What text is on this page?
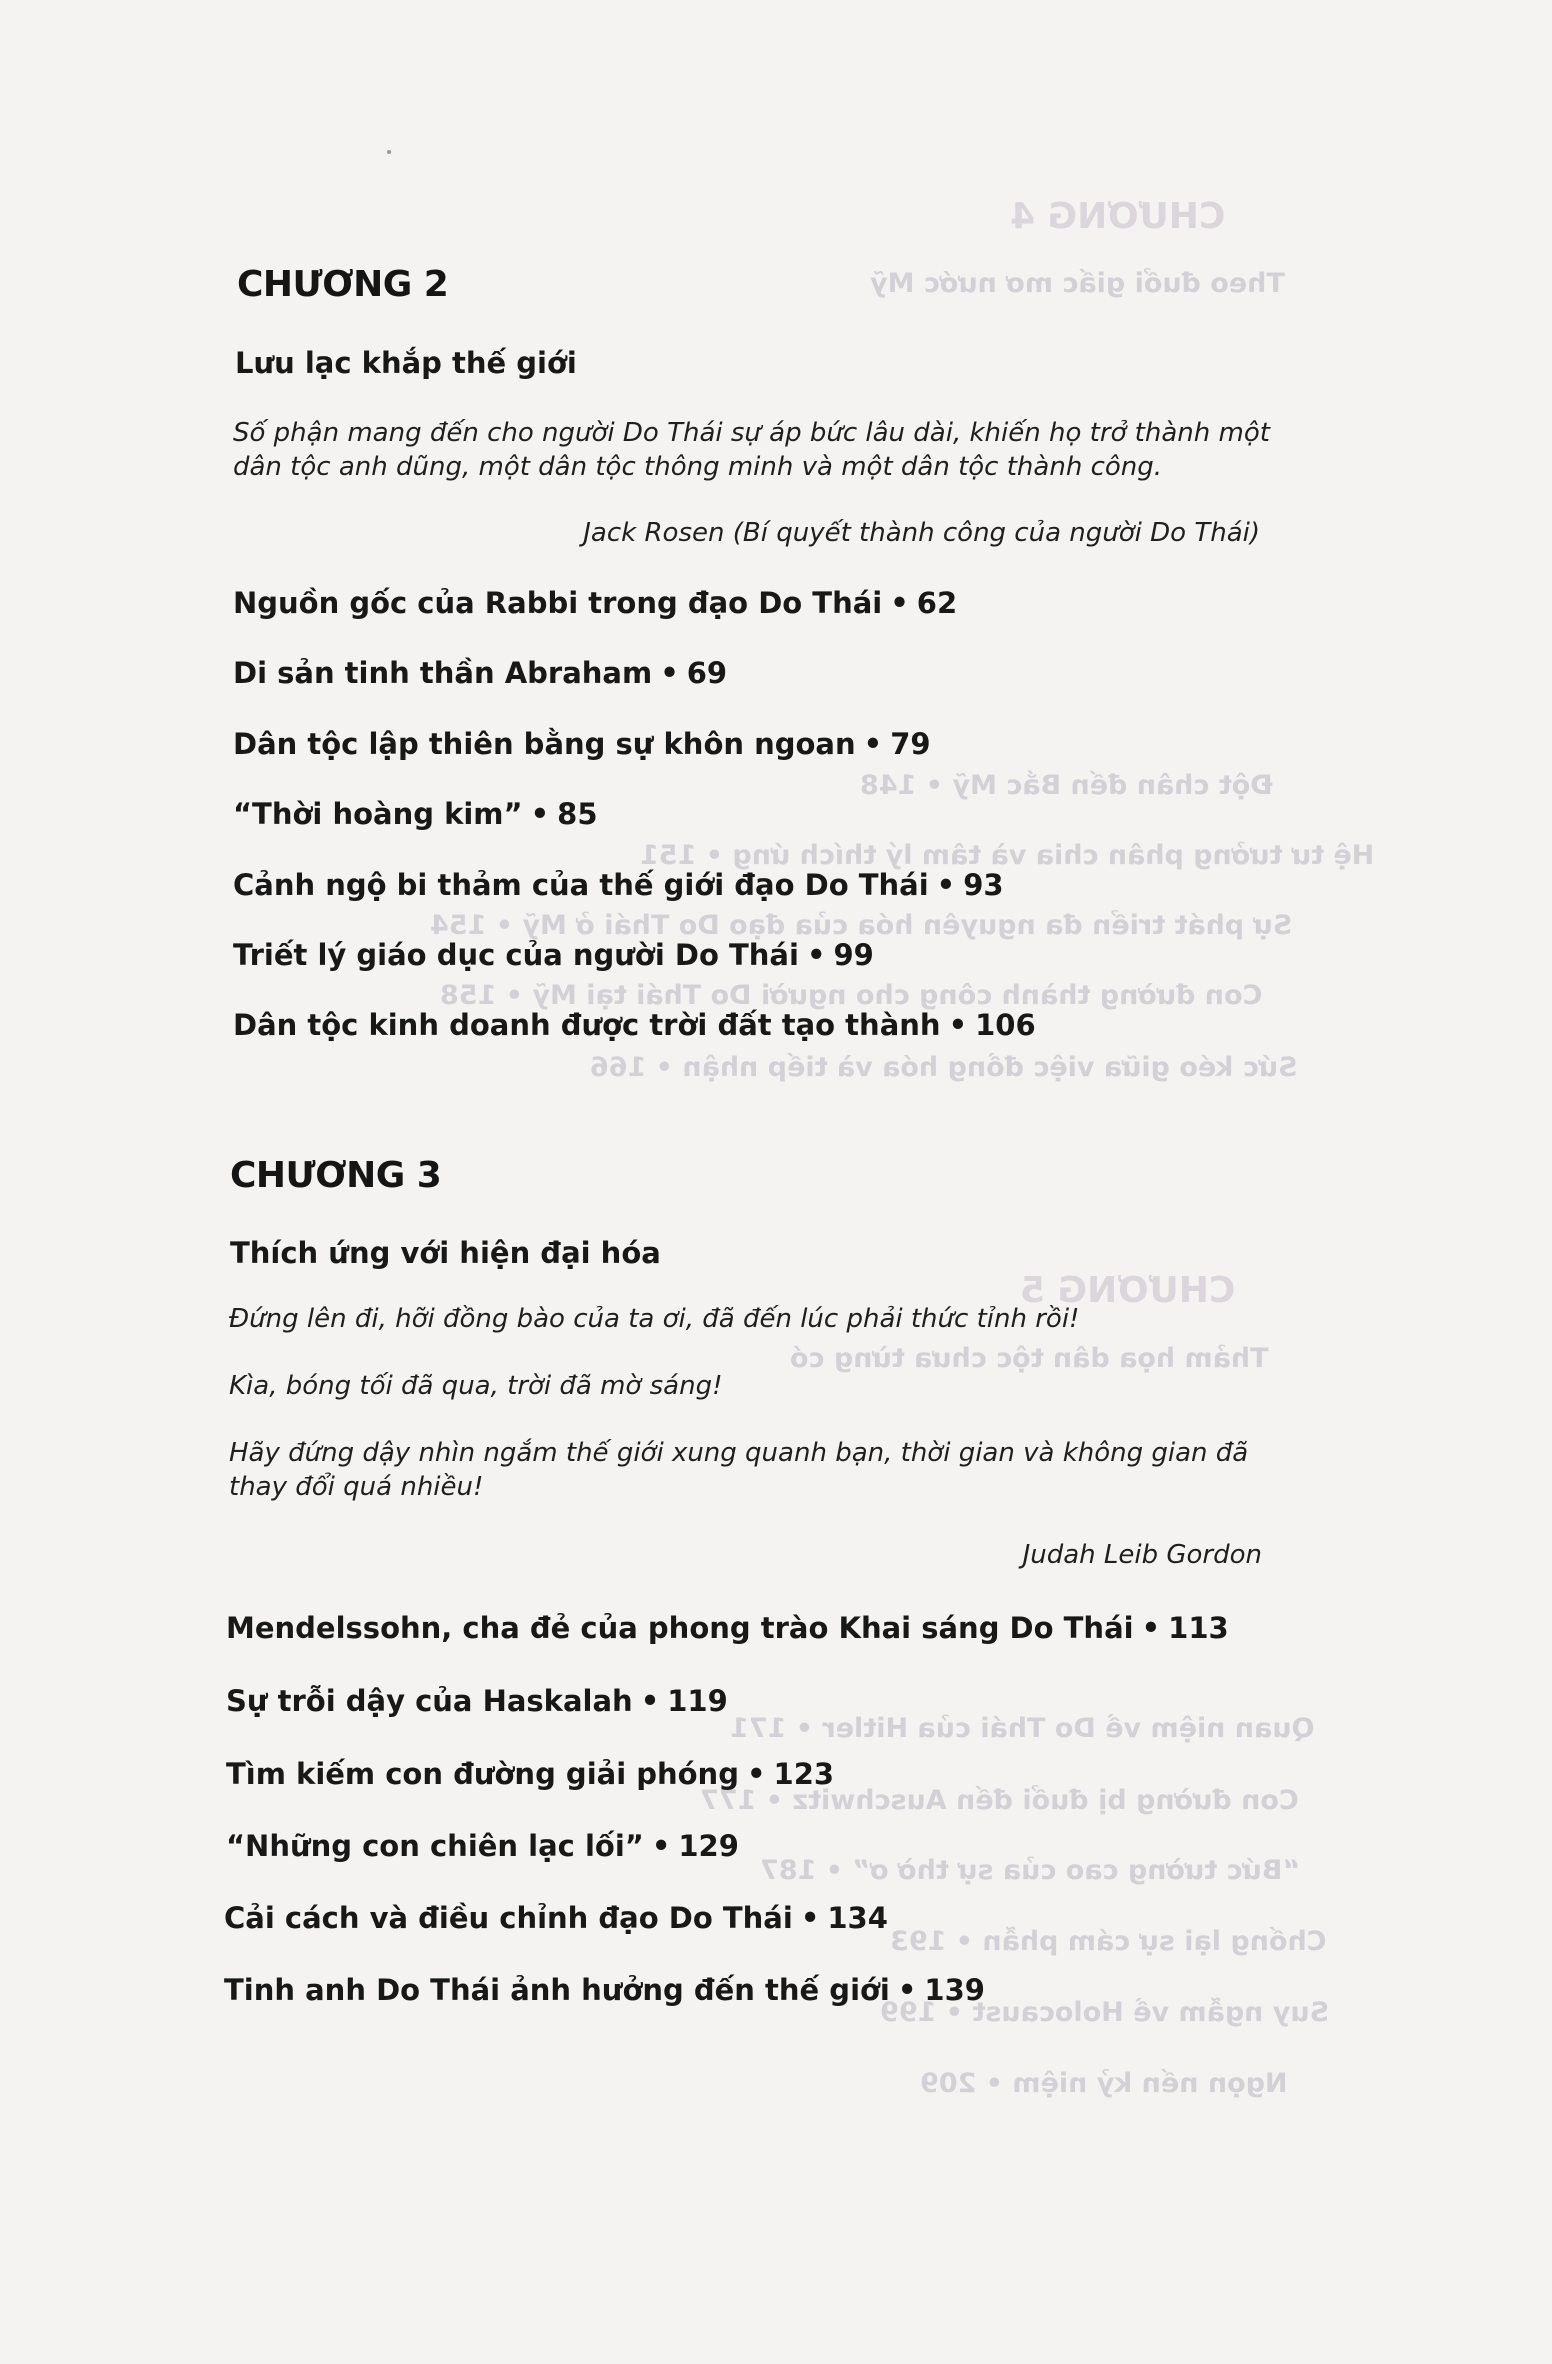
CHƯƠNG 4
Theo đuổi giấc mơ nước Mỹ
Đột chân đến Bắc Mỹ • 148
Hệ tư tưởng phân chia và tâm lý thích ứng • 151
Sự phát triển đa nguyên hóa của đạo Do Thái ở Mỹ • 154
Con đường thành công cho người Do Thái tại Mỹ • 158
Sức kéo giữa việc đồng hóa và tiếp nhận • 166
CHƯƠNG 5
Thảm họa dân tộc chưa từng có
Quan niệm về Do Thái của Hitler • 171
Con đường bị đuổi đến Auschwitz • 177
“Bức tường cao của sự thờ ơ” • 187
Chống lại sự cám phẫn • 193
Suy ngẫm về Holocaust • 199
Ngọn nến kỷ niệm • 209
CHƯƠNG 2
Lưu lạc khắp thế giới
Số phận mang đến cho người Do Thái sự áp bức lâu dài, khiến họ trở thành một dân tộc anh dũng, một dân tộc thông minh và một dân tộc thành công.
Jack Rosen (Bí quyết thành công của người Do Thái)
Nguồn gốc của Rabbi trong đạo Do Thái • 62
Di sản tinh thần Abraham • 69
Dân tộc lập thiên bằng sự khôn ngoan • 79
“Thời hoàng kim” • 85
Cảnh ngộ bi thảm của thế giới đạo Do Thái • 93
Triết lý giáo dục của người Do Thái • 99
Dân tộc kinh doanh được trời đất tạo thành • 106
CHƯƠNG 3
Thích ứng với hiện đại hóa
Đứng lên đi, hỡi đồng bào của ta ơi, đã đến lúc phải thức tỉnh rồi!
Kìa, bóng tối đã qua, trời đã mờ sáng!
Hãy đứng dậy nhìn ngắm thế giới xung quanh bạn, thời gian và không gian đã thay đổi quá nhiều!
Judah Leib Gordon
Mendelssohn, cha đẻ của phong trào Khai sáng Do Thái • 113
Sự trỗi dậy của Haskalah • 119
Tìm kiếm con đường giải phóng • 123
“Những con chiên lạc lối” • 129
Cải cách và điều chỉnh đạo Do Thái • 134
Tinh anh Do Thái ảnh hưởng đến thế giới • 139
